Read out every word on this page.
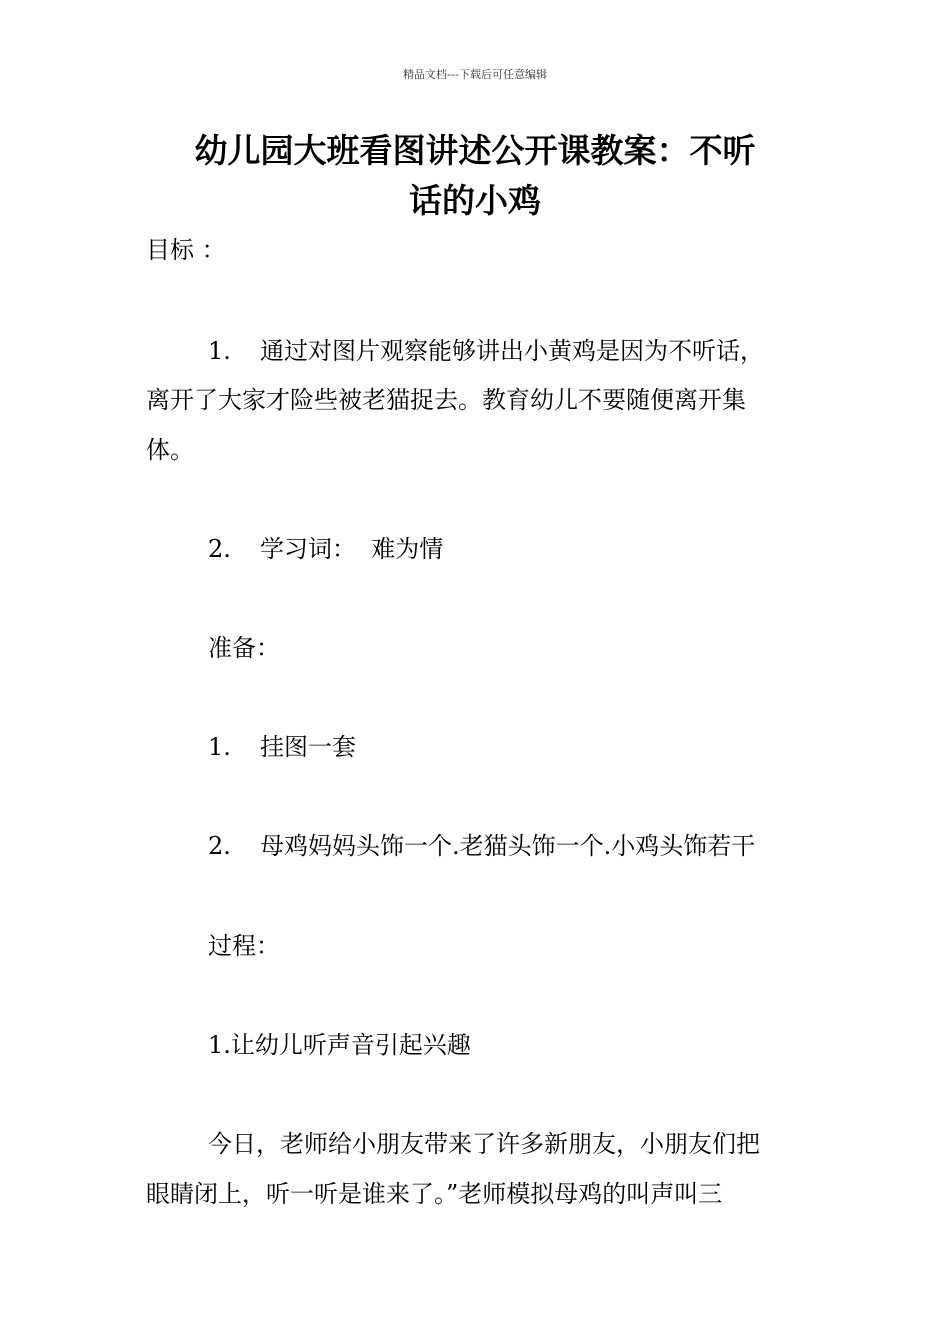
精品文档---下载后可任意编辑
幼儿园大班看图讲述公开课教案：不听
话的小鸡
目标 ：
1. 通过对图片观察能够讲出小黄鸡是因为不听话，
离开了大家才险些被老猫捉去。教育幼儿不要随便离开集
体。
2. 学习词：  难为情
准备：
1. 挂图一套
2. 母鸡妈妈头饰一个.老猫头饰一个.小鸡头饰若干
过程：
1.让幼儿听声音引起兴趣
今日，老师给小朋友带来了许多新朋友，小朋友们把
眼睛闭上，听一听是谁来了。”老师模拟母鸡的叫声叫三
